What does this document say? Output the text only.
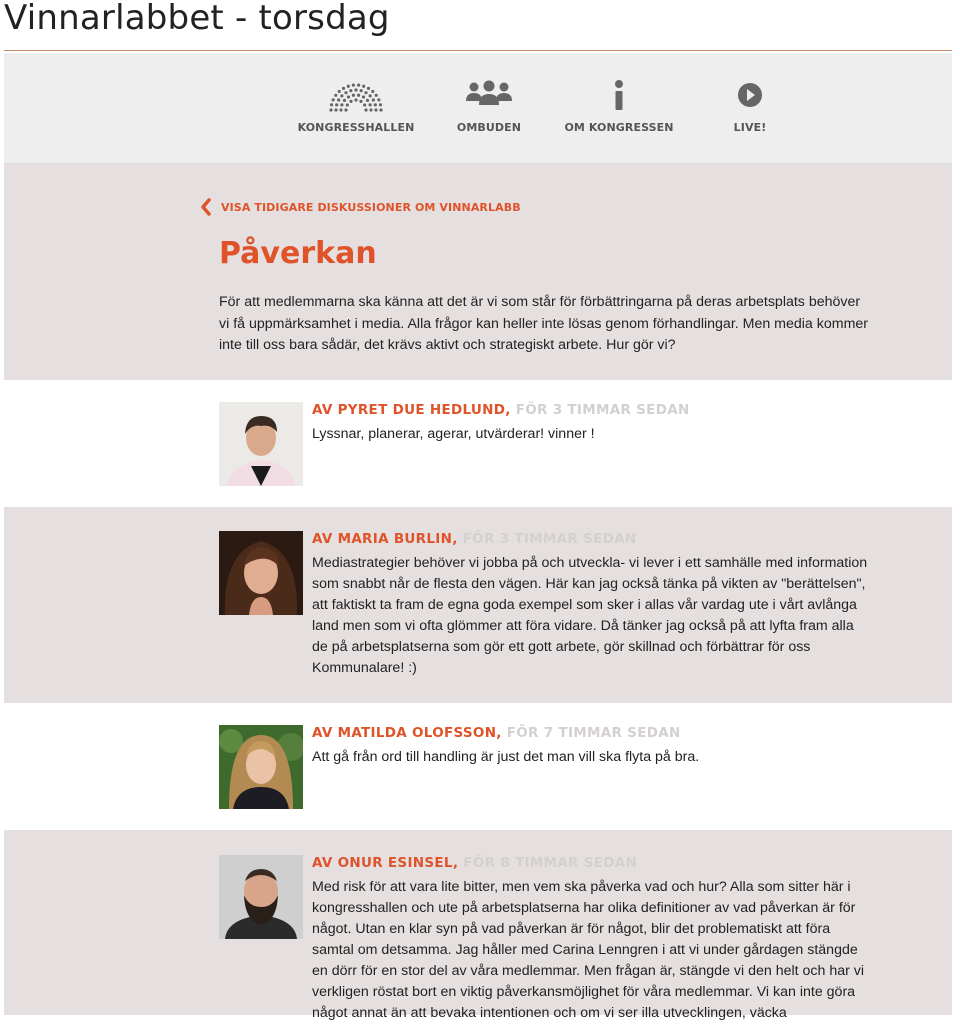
Vinnarlabbet - torsdag
KONGRESSHALLEN	OMBUDEN	OM KONGRESSEN	LIVE!
VISA TIDIGARE DISKUSSIONER OM VINNARLABB
Påverkan
För att medlemmarna ska känna att det är vi som står för förbättringarna på deras arbetsplats behöver vi få uppmärksamhet i media. Alla frågor kan heller inte lösas genom förhandlingar. Men media kommer inte till oss bara sådär, det krävs aktivt och strategiskt arbete. Hur gör vi?
AV PYRET DUE HEDLUND, FÖR 3 TIMMAR SEDAN
Lyssnar, planerar, agerar, utvärderar! vinner !
AV MARIA BURLIN, FÖR 3 TIMMAR SEDAN
Mediastrategier behöver vi jobba på och utveckla- vi lever i ett samhälle med information som snabbt når de flesta den vägen. Här kan jag också tänka på vikten av "berättelsen", att faktiskt ta fram de egna goda exempel som sker i allas vår vardag ute i vårt avlånga land men som vi ofta glömmer att föra vidare. Då tänker jag också på att lyfta fram alla de på arbetsplatserna som gör ett gott arbete, gör skillnad och förbättrar för oss Kommunalare! :)
AV MATILDA OLOFSSON, FÖR 7 TIMMAR SEDAN
Att gå från ord till handling är just det man vill ska flyta på bra.
AV ONUR ESINSEL, FÖR 8 TIMMAR SEDAN
Med risk för att vara lite bitter, men vem ska påverka vad och hur? Alla som sitter här i kongresshallen och ute på arbetsplatserna har olika definitioner av vad påverkan är för något. Utan en klar syn på vad påverkan är för något, blir det problematiskt att föra samtal om detsamma. Jag håller med Carina Lenngren i att vi under gårdagen stängde en dörr för en stor del av våra medlemmar. Men frågan är, stängde vi den helt och har vi verkligen röstat bort en viktig påverkansmöjlighet för våra medlemmar. Vi kan inte göra något annat än att bevaka intentionen och om vi ser illa utvecklingen, väcka
